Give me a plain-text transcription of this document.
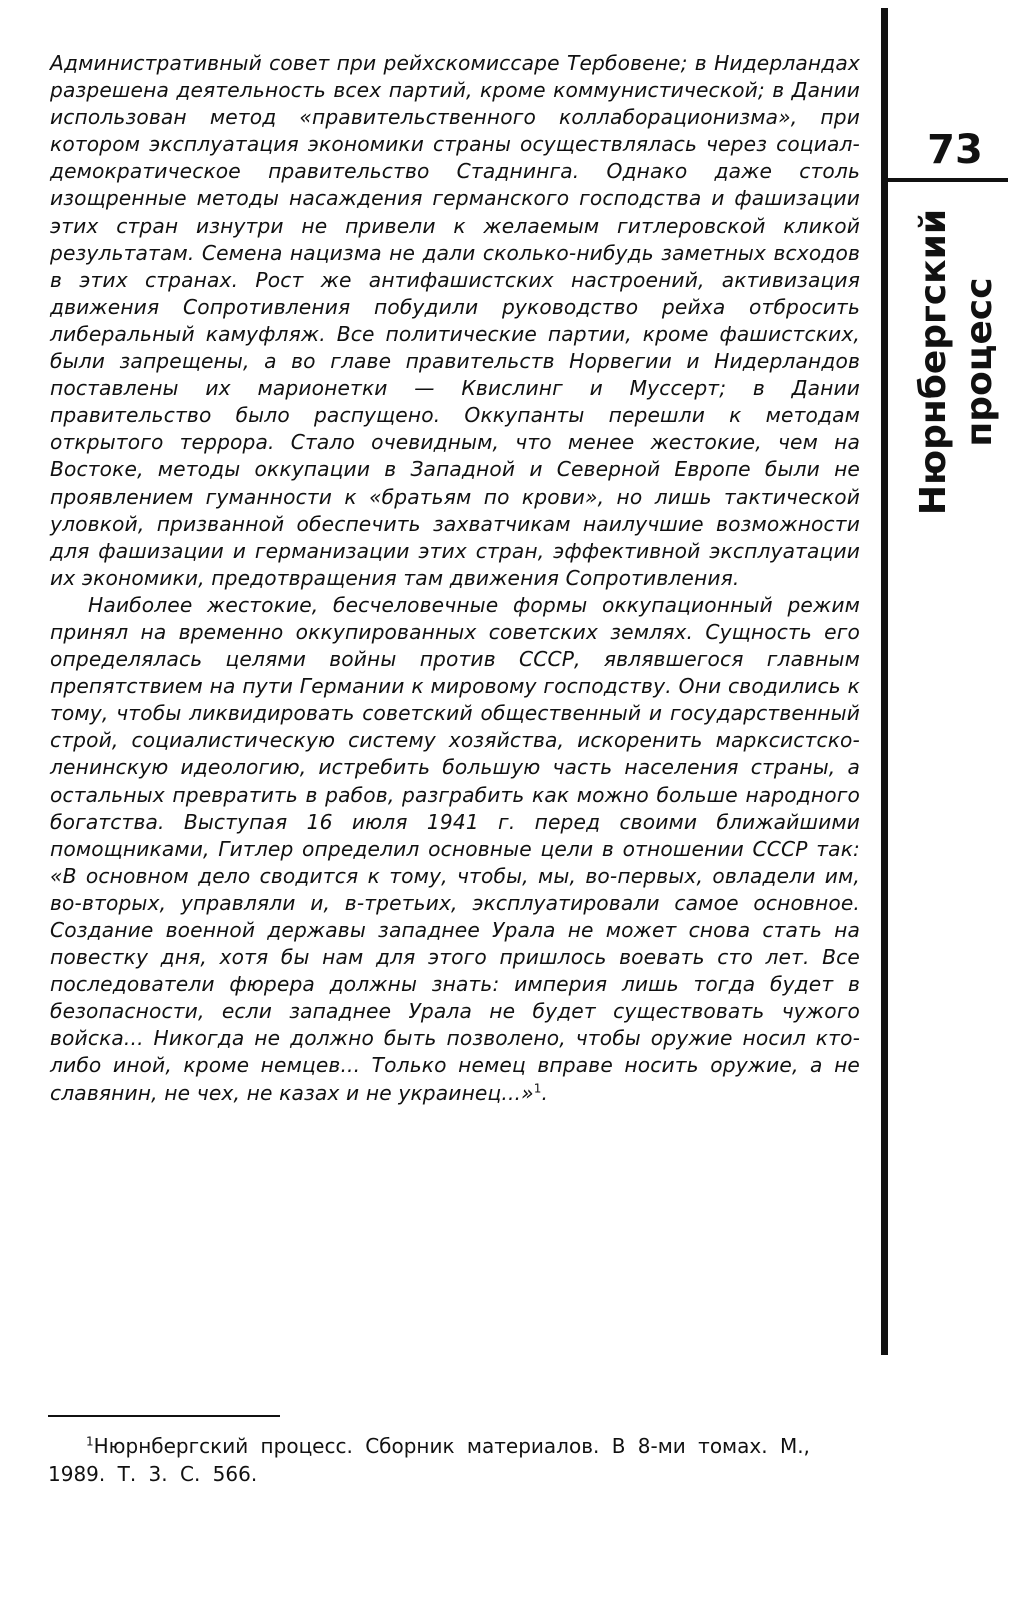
Административный совет при рейхскомиссаре Тербовене; в Нидерландах разрешена деятельность всех партий, кроме коммунистической; в Дании использован метод «правительственного коллаборационизма», при котором эксплуатация экономики страны осуществлялась через социал-демократическое правительство Стаднинга. Однако даже столь изощренные методы насаждения германского господства и фашизации этих стран изнутри не привели к желаемым гитлеровской кликой результатам. Семена нацизма не дали сколько-нибудь заметных всходов в этих странах. Рост же антифашистских настроений, активизация движения Сопротивления побудили руководство рейха отбросить либеральный камуфляж. Все политические партии, кроме фашистских, были запрещены, а во главе правительств Норвегии и Нидерландов поставлены их марионетки — Квислинг и Муссерт; в Дании правительство было распущено. Оккупанты перешли к методам открытого террора. Стало очевидным, что менее жестокие, чем на Востоке, методы оккупации в Западной и Северной Европе были не проявлением гуманности к «братьям по крови», но лишь тактической уловкой, призванной обеспечить захватчикам наилучшие возможности для фашизации и германизации этих стран, эффективной эксплуатации их экономики, предотвращения там движения Сопротивления.

Наиболее жестокие, бесчеловечные формы оккупационный режим принял на временно оккупированных советских землях. Сущность его определялась целями войны против СССР, являвшегося главным препятствием на пути Германии к мировому господству. Они сводились к тому, чтобы ликвидировать советский общественный и государственный строй, социалистическую систему хозяйства, искоренить марксистско-ленинскую идеологию, истребить большую часть населения страны, а остальных превратить в рабов, разграбить как можно больше народного богатства. Выступая 16 июля 1941 г. перед своими ближайшими помощниками, Гитлер определил основные цели в отношении СССР так: «В основном дело сводится к тому, чтобы, мы, во-первых, овладели им, во-вторых, управляли и, в-третьих, эксплуатировали самое основное. Создание военной державы западнее Урала не может снова стать на повестку дня, хотя бы нам для этого пришлось воевать сто лет. Все последователи фюрера должны знать: империя лишь тогда будет в безопасности, если западнее Урала не будет существовать чужого войска... Никогда не должно быть позволено, чтобы оружие носил кто-либо иной, кроме немцев... Только немец вправе носить оружие, а не славянин, не чех, не казах и не украинец...»$^1$.

73
Нюрнбергский процесс

$^1$Нюрнбергский процесс. Сборник материалов. В 8-ми томах. М., 1989. Т. 3. С. 566.
